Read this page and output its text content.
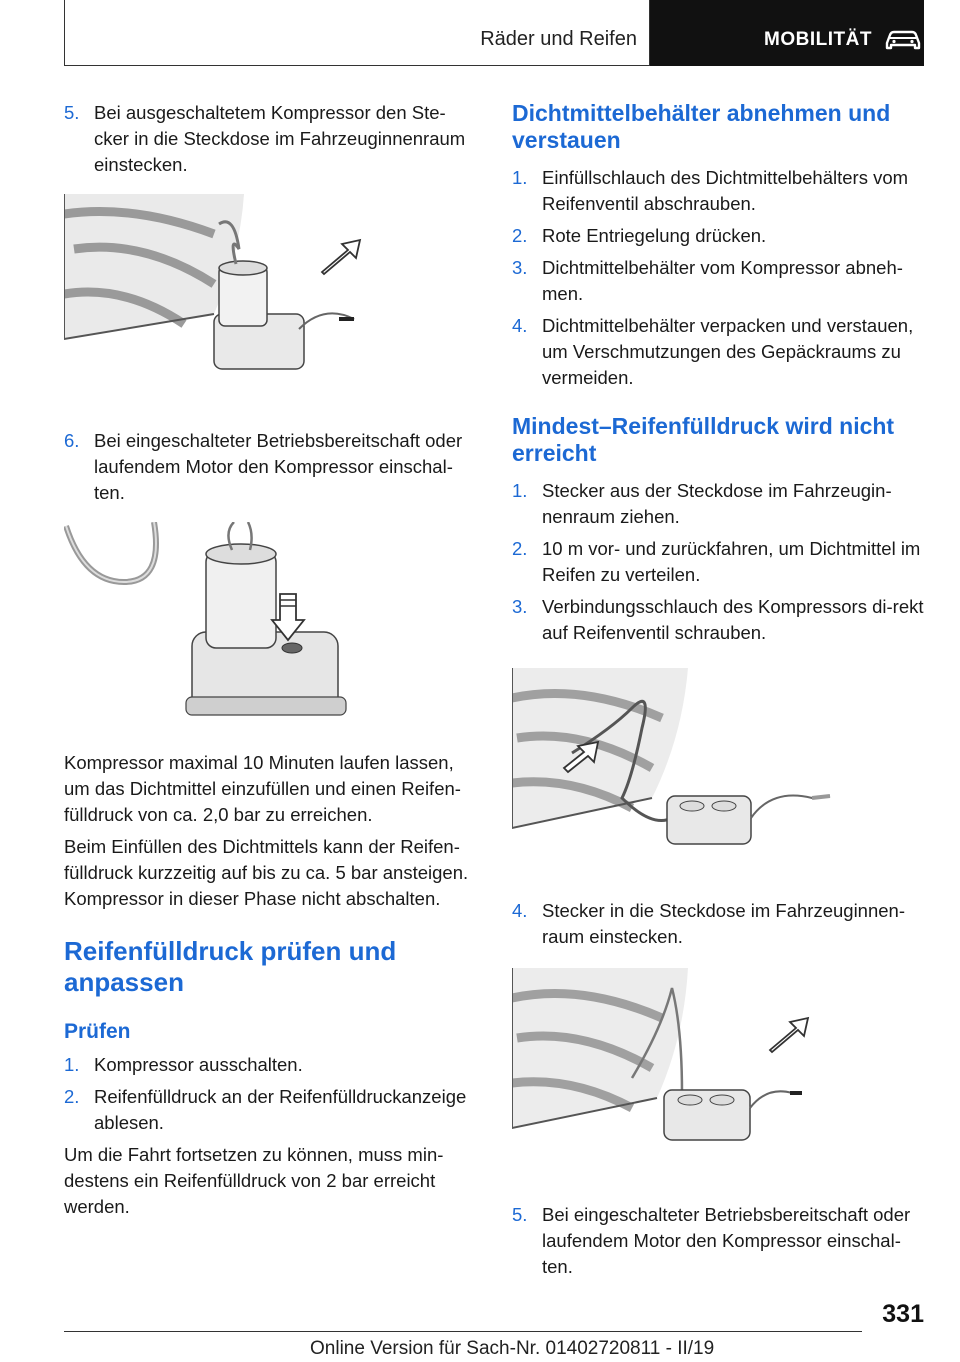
Räder und Reifen	MOBILITÄT
5. Bei ausgeschaltetem Kompressor den Ste‐cker in die Steckdose im Fahrzeuginnenraum einstecken.
6. Bei eingeschalteter Betriebsbereitschaft oder laufendem Motor den Kompressor einschal‐ten.
Kompressor maximal 10 Minuten laufen lassen, um das Dichtmittel einzufüllen und einen Reifen‐fülldruck von ca. 2,0 bar zu erreichen.
Beim Einfüllen des Dichtmittels kann der Reifen‐fülldruck kurzzeitig auf bis zu ca. 5 bar ansteigen. Kompressor in dieser Phase nicht abschalten.
Reifenfülldruck prüfen und anpassen
Prüfen
1. Kompressor ausschalten.
2. Reifenfülldruck an der Reifenfülldruckanzeige ablesen.
Um die Fahrt fortsetzen zu können, muss min‐destens ein Reifenfülldruck von 2 bar erreicht werden.
Dichtmittelbehälter abnehmen und verstauen
1. Einfüllschlauch des Dichtmittelbehälters vom Reifenventil abschrauben.
2. Rote Entriegelung drücken.
3. Dichtmittelbehälter vom Kompressor abneh‐men.
4. Dichtmittelbehälter verpacken und verstauen, um Verschmutzungen des Gepäckraums zu vermeiden.
Mindest–Reifenfülldruck wird nicht erreicht
1. Stecker aus der Steckdose im Fahrzeugin‐nenraum ziehen.
2. 10 m vor- und zurückfahren, um Dichtmittel im Reifen zu verteilen.
3. Verbindungsschlauch des Kompressors di‐rekt auf Reifenventil schrauben.
4. Stecker in die Steckdose im Fahrzeuginnen‐raum einstecken.
5. Bei eingeschalteter Betriebsbereitschaft oder laufendem Motor den Kompressor einschal‐ten.
331
Online Version für Sach-Nr. 01402720811 - II/19
